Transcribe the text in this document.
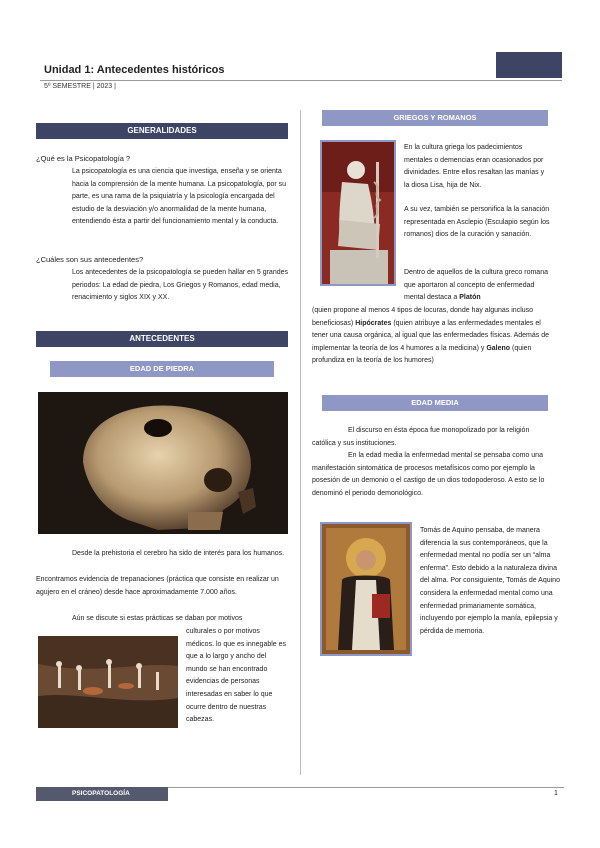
Unidad 1: Antecedentes históricos
5º SEMESTRE | 2023 |
GENERALIDADES
¿Qué es la Psicopatología ?
La psicopatología es una ciencia que investiga, enseña y se orienta hacia la comprensión de la mente humana. La psicopatología, por su parte, es una rama de la psiquiatría y la psicología encargada del estudio de la desviación y/o anormalidad de la mente humana, entendiendo ésta a partir del funcionamiento mental y la conducta.
¿Cuáles son sus antecedentes?
Los antecedentes de la psicopatología se pueden hallar en 5 grandes periodos: La edad de piedra, Los Griegos y Romanos, edad media, renacimiento y siglos XIX y XX.
ANTECEDENTES
EDAD DE PIEDRA
Desde la prehistoria el cerebro ha sido de interés para los humanos.
Encontramos evidencia de trepanaciones (práctica que consiste en realizar un agujero en el cráneo) desde hace aproximadamente 7.000 años.
Aún se discute si estas prácticas se daban por motivos
culturales o por motivos médicos. lo que es innegable es que a lo largo y ancho del mundo se han encontrado evidencias de personas interesadas en saber lo que ocurre dentro de nuestras cabezas.
GRIEGOS Y ROMANOS
En la cultura griega los padecimientos mentales o demencias eran ocasionados por divinidades. Entre ellos resaltan las manías y la diosa Lisa, hija de Nix.
A su vez, también se personifica la la sanación representada en Asclepio (Esculapio según los romanos) dios de la curación y sanación.
Dentro de aquellos de la cultura greco romana que aportaron al concepto de enfermedad mental destaca a Platón
(quien propone al menos 4 tipos de locuras, donde hay algunas incluso beneficiosas) Hipócrates (quien atribuye a las enfermedades mentales el tener una causa orgánica, al igual que las enfermedades físicas. Además de implementar la teoría de los 4 humores a la medicina) y Galeno (quien profundiza en la teoría de los humores)
EDAD MEDIA
El discurso en ésta época fue monopolizado por la religión católica y sus instituciones.
En la edad media la enfermedad mental se pensaba como una manifestación sintomática de procesos metafísicos como por ejemplo la posesión de un demonio o el castigo de un dios todopoderoso. A esto se lo denominó el periodo demonológico.
Tomás de Aquino pensaba, de manera diferencia la sus contemporáneos, que la enfermedad mental no podía ser un “alma enferma”. Esto debido a la naturaleza divina del alma. Por consiguiente, Tomás de Aquino considera la enfermedad mental como una enfermedad primariamente somática, incluyendo por ejemplo la manía, epilepsia y pérdida de memoria.
PSICOPATOLOGÍA	1
